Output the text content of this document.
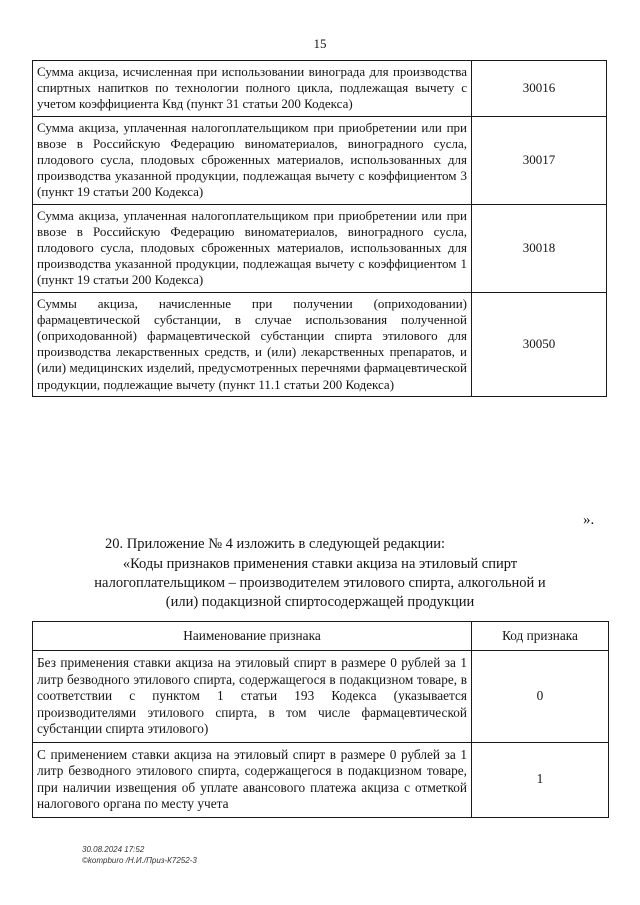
15
Сумма акциза, исчисленная при использовании винограда для производства спиртных напитков по технологии полного цикла, подлежащая вычету с учетом коэффициента Квд (пункт 31 статьи 200 Кодекса)	30016
Сумма акциза, уплаченная налогоплательщиком при приобретении или при ввозе в Российскую Федерацию виноматериалов, виноградного сусла, плодового сусла, плодовых сброженных материалов, использованных для производства указанной продукции, подлежащая вычету с коэффициентом 3 (пункт 19 статьи 200 Кодекса)	30017
Сумма акциза, уплаченная налогоплательщиком при приобретении или при ввозе в Российскую Федерацию виноматериалов, виноградного сусла, плодового сусла, плодовых сброженных материалов, использованных для производства указанной продукции, подлежащая вычету с коэффициентом 1 (пункт 19 статьи 200 Кодекса)	30018
Суммы акциза, начисленные при получении (оприходовании) фармацевтической субстанции, в случае использования полученной (оприходованной) фармацевтической субстанции спирта этилового для производства лекарственных средств, и (или) лекарственных препаратов, и (или) медицинских изделий, предусмотренных перечнями фармацевтической продукции, подлежащие вычету (пункт 11.1 статьи 200 Кодекса)	30050
».
20. Приложение № 4 изложить в следующей редакции:
«Коды признаков применения ставки акциза на этиловый спирт
налогоплательщиком – производителем этилового спирта, алкогольной и
(или) подакцизной спиртосодержащей продукции
Наименование признака	Код признака
Без применения ставки акциза на этиловый спирт в размере 0 рублей за 1 литр безводного этилового спирта, содержащегося в подакцизном товаре, в соответствии с пунктом 1 статьи 193 Кодекса (указывается производителями этилового спирта, в том числе фармацевтической субстанции спирта этилового)	0
С применением ставки акциза на этиловый спирт в размере 0 рублей за 1 литр безводного этилового спирта, содержащегося в подакцизном товаре, при наличии извещения об уплате авансового платежа акциза с отметкой налогового органа по месту учета	1
30.08.2024 17:52
©kompburo /Н.И./Приз-К7252-3
